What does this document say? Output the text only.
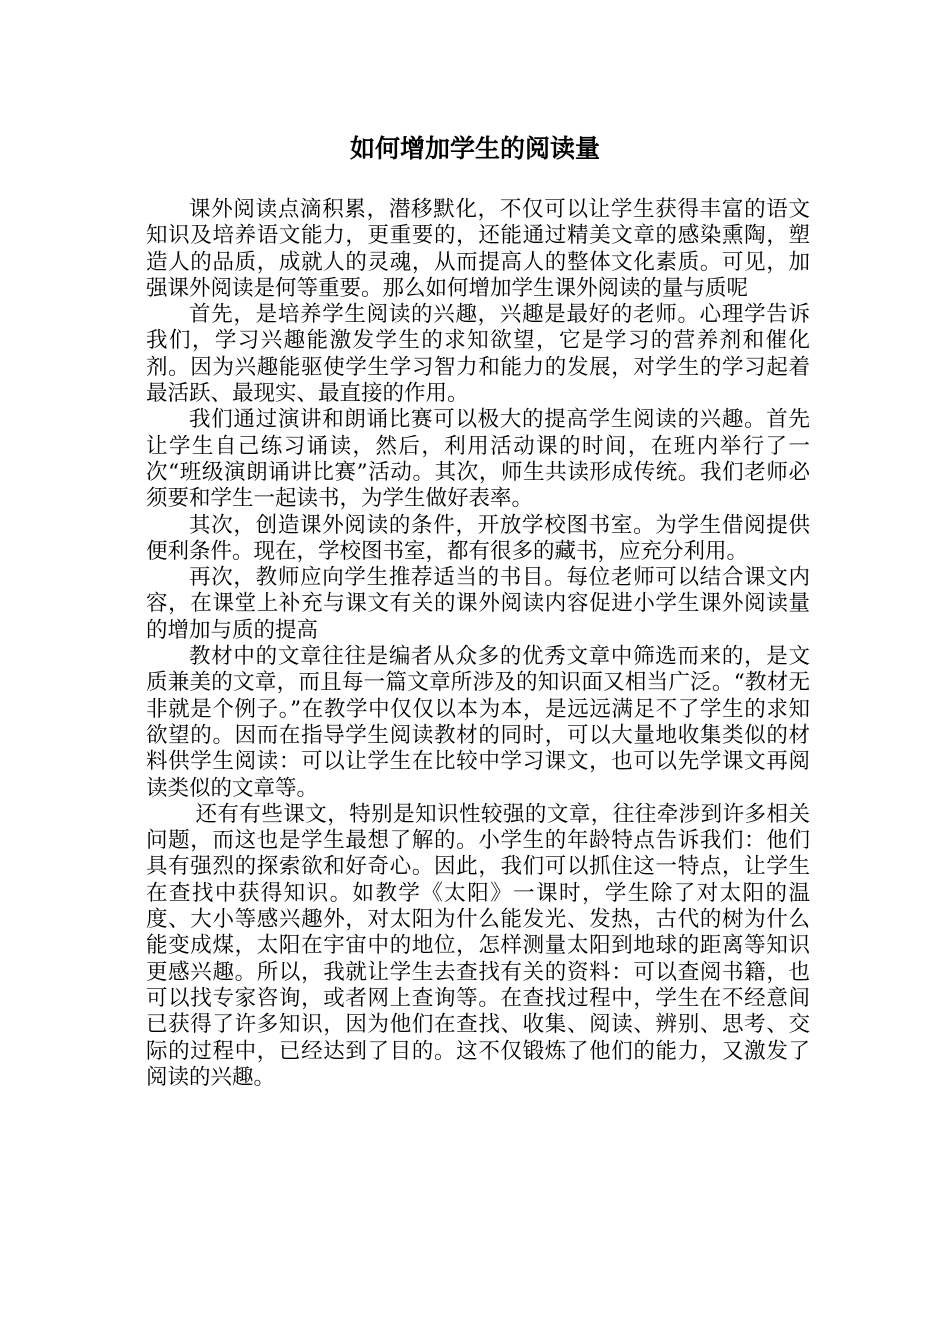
如何增加学生的阅读量

课外阅读点滴积累，潜移默化，不仅可以让学生获得丰富的语文知识及培养语文能力，更重要的，还能通过精美文章的感染熏陶，塑造人的品质，成就人的灵魂，从而提高人的整体文化素质。可见，加强课外阅读是何等重要。那么如何增加学生课外阅读的量与质呢

首先，是培养学生阅读的兴趣，兴趣是最好的老师。心理学告诉我们，学习兴趣能激发学生的求知欲望，它是学习的营养剂和催化剂。因为兴趣能驱使学生学习智力和能力的发展，对学生的学习起着最活跃、最现实、最直接的作用。

我们通过演讲和朗诵比赛可以极大的提高学生阅读的兴趣。首先让学生自己练习诵读，然后，利用活动课的时间，在班内举行了一次“班级演朗诵讲比赛”活动。其次，师生共读形成传统。我们老师必须要和学生一起读书，为学生做好表率。

其次，创造课外阅读的条件，开放学校图书室。为学生借阅提供便利条件。现在，学校图书室，都有很多的藏书，应充分利用。

再次，教师应向学生推荐适当的书目。每位老师可以结合课文内容，在课堂上补充与课文有关的课外阅读内容促进小学生课外阅读量的增加与质的提高

教材中的文章往往是编者从众多的优秀文章中筛选而来的，是文质兼美的文章，而且每一篇文章所涉及的知识面又相当广泛。“教材无非就是个例子。”在教学中仅仅以本为本，是远远满足不了学生的求知欲望的。因而在指导学生阅读教材的同时，可以大量地收集类似的材料供学生阅读：可以让学生在比较中学习课文，也可以先学课文再阅读类似的文章等。

还有有些课文，特别是知识性较强的文章，往往牵涉到许多相关问题，而这也是学生最想了解的。小学生的年龄特点告诉我们：他们具有强烈的探索欲和好奇心。因此，我们可以抓住这一特点，让学生在查找中获得知识。如教学《太阳》一课时，学生除了对太阳的温度、大小等感兴趣外，对太阳为什么能发光、发热，古代的树为什么能变成煤，太阳在宇宙中的地位，怎样测量太阳到地球的距离等知识更感兴趣。所以，我就让学生去查找有关的资料：可以查阅书籍，也可以找专家咨询，或者网上查询等。在查找过程中，学生在不经意间已获得了许多知识，因为他们在查找、收集、阅读、辨别、思考、交际的过程中，已经达到了目的。这不仅锻炼了他们的能力，又激发了阅读的兴趣。
